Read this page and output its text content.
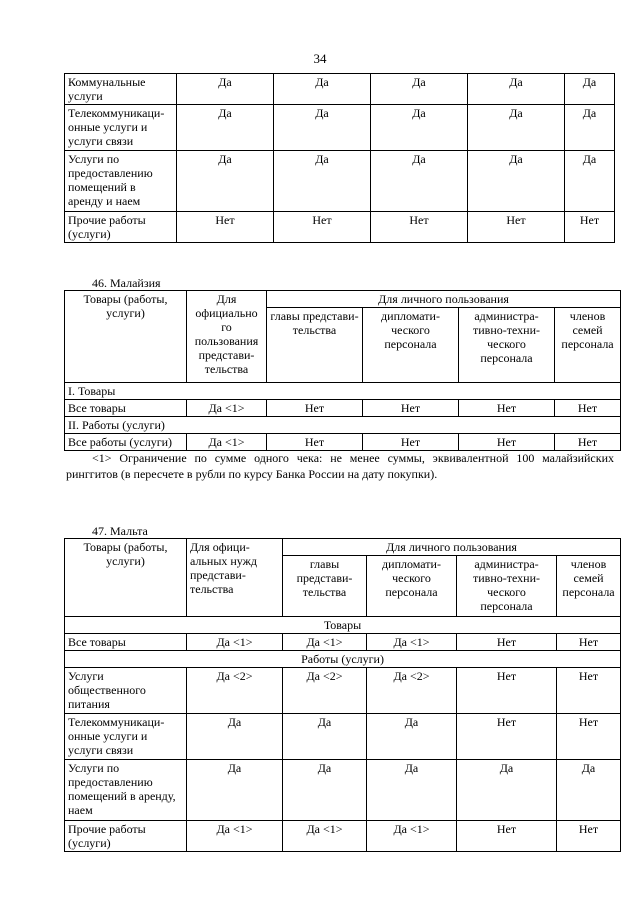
34
Коммунальные услуги	Да	Да	Да	Да	Да
Телекоммуникаци-онные услуги и услуги связи	Да	Да	Да	Да	Да
Услуги по предоставлению помещений в аренду и наем	Да	Да	Да	Да	Да
Прочие работы (услуги)	Нет	Нет	Нет	Нет	Нет
46. Малайзия
Товары (работы, услуги)	Для официально го пользования представи-тельства	Для личного пользования			
		главы представи-тельства	дипломати-ческого персонала	администра-тивно-техни-ческого персонала	членов семей персонала
I. Товары					
Все товары	Да <1>	Нет	Нет	Нет	Нет
II. Работы (услуги)					
Все работы (услуги)	Да <1>	Нет	Нет	Нет	Нет
<1> Ограничение по сумме одного чека: не менее суммы, эквивалентной 100 малайзийских ринггитов (в пересчете в рубли по курсу Банка России на дату покупки).
47. Мальта
Товары (работы, услуги)	Для офици-альных нужд представи-тельства	Для личного пользования			
		главы представи-тельства	дипломати-ческого персонала	администра-тивно-техни-ческого персонала	членов семей персонала
Товары					
Все товары	Да <1>	Да <1>	Да <1>	Нет	Нет
Работы (услуги)					
Услуги общественного питания	Да <2>	Да <2>	Да <2>	Нет	Нет
Телекоммуникаци-онные услуги и услуги связи	Да	Да	Да	Нет	Нет
Услуги по предоставлению помещений в аренду, наем	Да	Да	Да	Да	Да
Прочие работы (услуги)	Да <1>	Да <1>	Да <1>	Нет	Нет
